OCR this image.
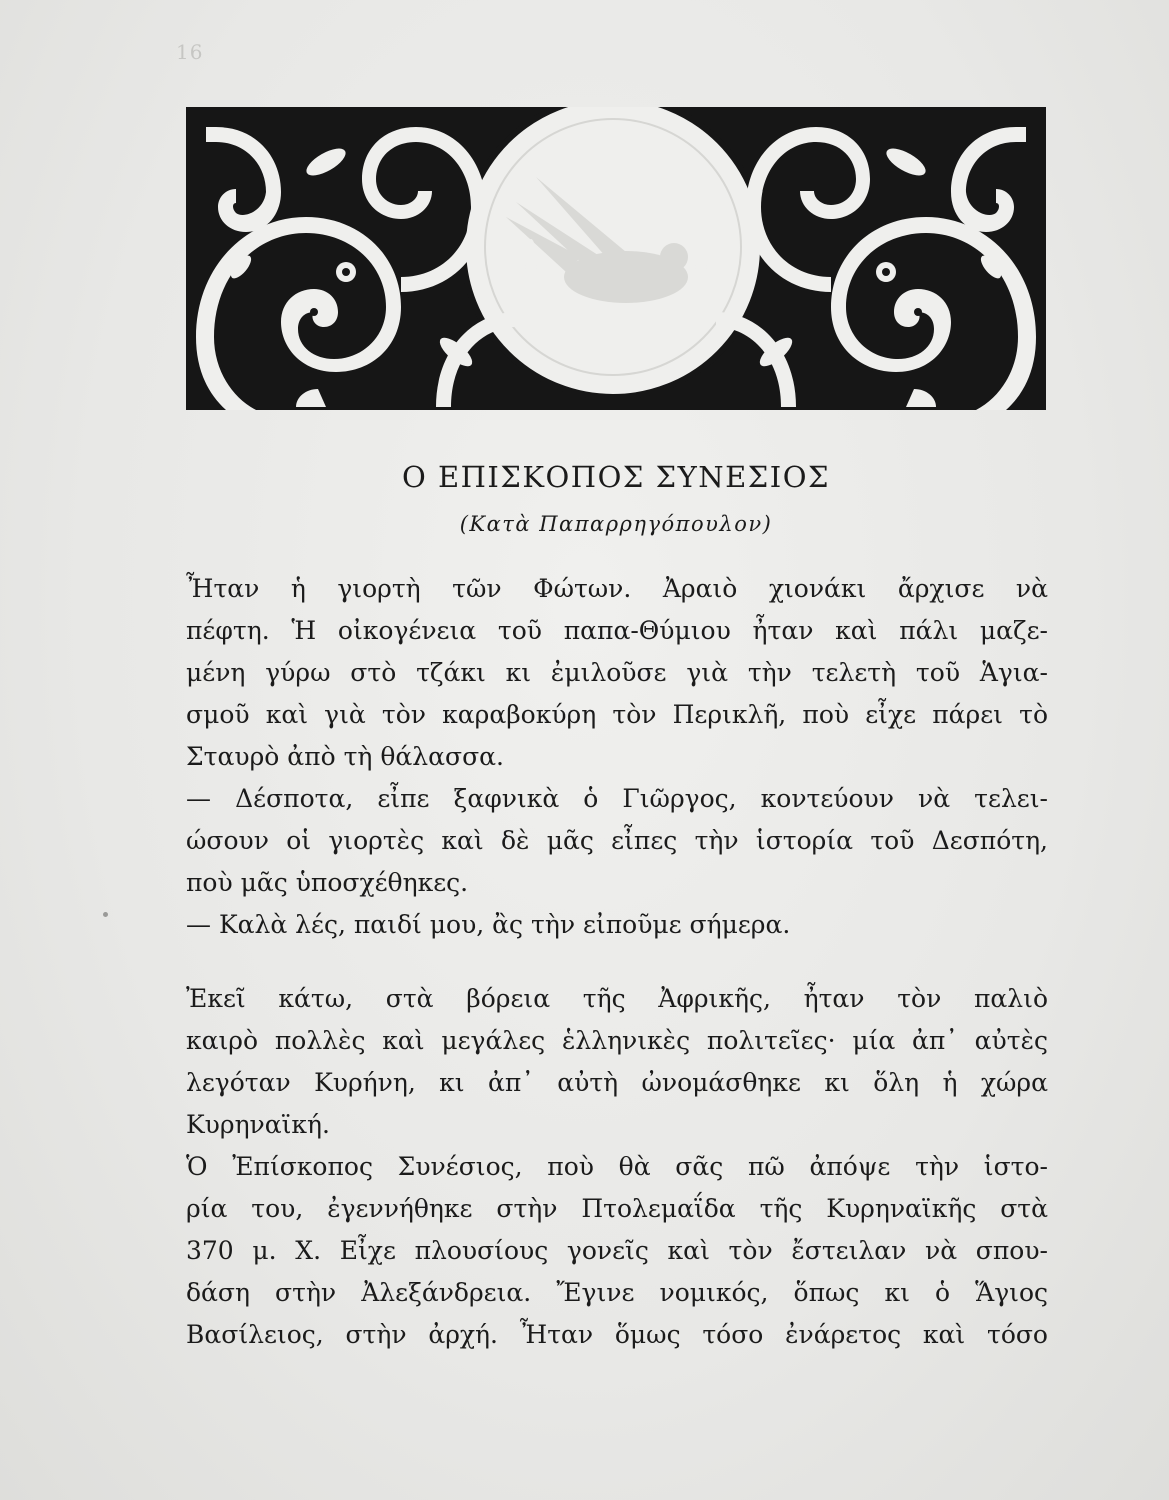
16
Ο ΕΠΙΣΚΟΠΟΣ ΣΥΝΕΣΙΟΣ
(Κατὰ Παπαρρηγόπουλον)
Ἦταν ἡ γιορτὴ τῶν Φώτων. Ἀραιὸ χιονάκι ἄρχισε νὰ
πέφτη. Ἡ οἰκογένεια τοῦ παπα-Θύμιου ἦταν καὶ πάλι μαζε-
μένη γύρω στὸ τζάκι κι ἐμιλοῦσε γιὰ τὴν τελετὴ τοῦ Ἁγια-
σμοῦ καὶ γιὰ τὸν καραβοκύρη τὸν Περικλῆ, ποὺ εἶχε πάρει τὸ
Σταυρὸ ἀπὸ τὴ θάλασσα.
— Δέσποτα, εἶπε ξαφνικὰ ὁ Γιῶργος, κοντεύουν νὰ τελει-
ώσουν οἱ γιορτὲς καὶ δὲ μᾶς εἶπες τὴν ἱστορία τοῦ Δεσπότη,
ποὺ μᾶς ὑποσχέθηκες.
— Καλὰ λές, παιδί μου, ἂς τὴν εἰποῦμε σήμερα.
Ἐκεῖ κάτω, στὰ βόρεια τῆς Ἀφρικῆς, ἦταν τὸν παλιὸ
καιρὸ πολλὲς καὶ μεγάλες ἑλληνικὲς πολιτεῖες· μία ἀπ᾽ αὐτὲς
λεγόταν Κυρήνη, κι ἀπ᾽ αὐτὴ ὠνομάσθηκε κι ὅλη ἡ χώρα
Κυρηναϊκή.
Ὁ Ἐπίσκοπος Συνέσιος, ποὺ θὰ σᾶς πῶ ἀπόψε τὴν ἱστο-
ρία του, ἐγεννήθηκε στὴν Πτολεμαΐδα τῆς Κυρηναϊκῆς στὰ
370 μ. Χ. Εἶχε πλουσίους γονεῖς καὶ τὸν ἔστειλαν νὰ σπου-
δάση στὴν Ἀλεξάνδρεια. Ἔγινε νομικός, ὅπως κι ὁ Ἅγιος
Βασίλειος, στὴν ἀρχή. Ἦταν ὅμως τόσο ἐνάρετος καὶ τόσο
